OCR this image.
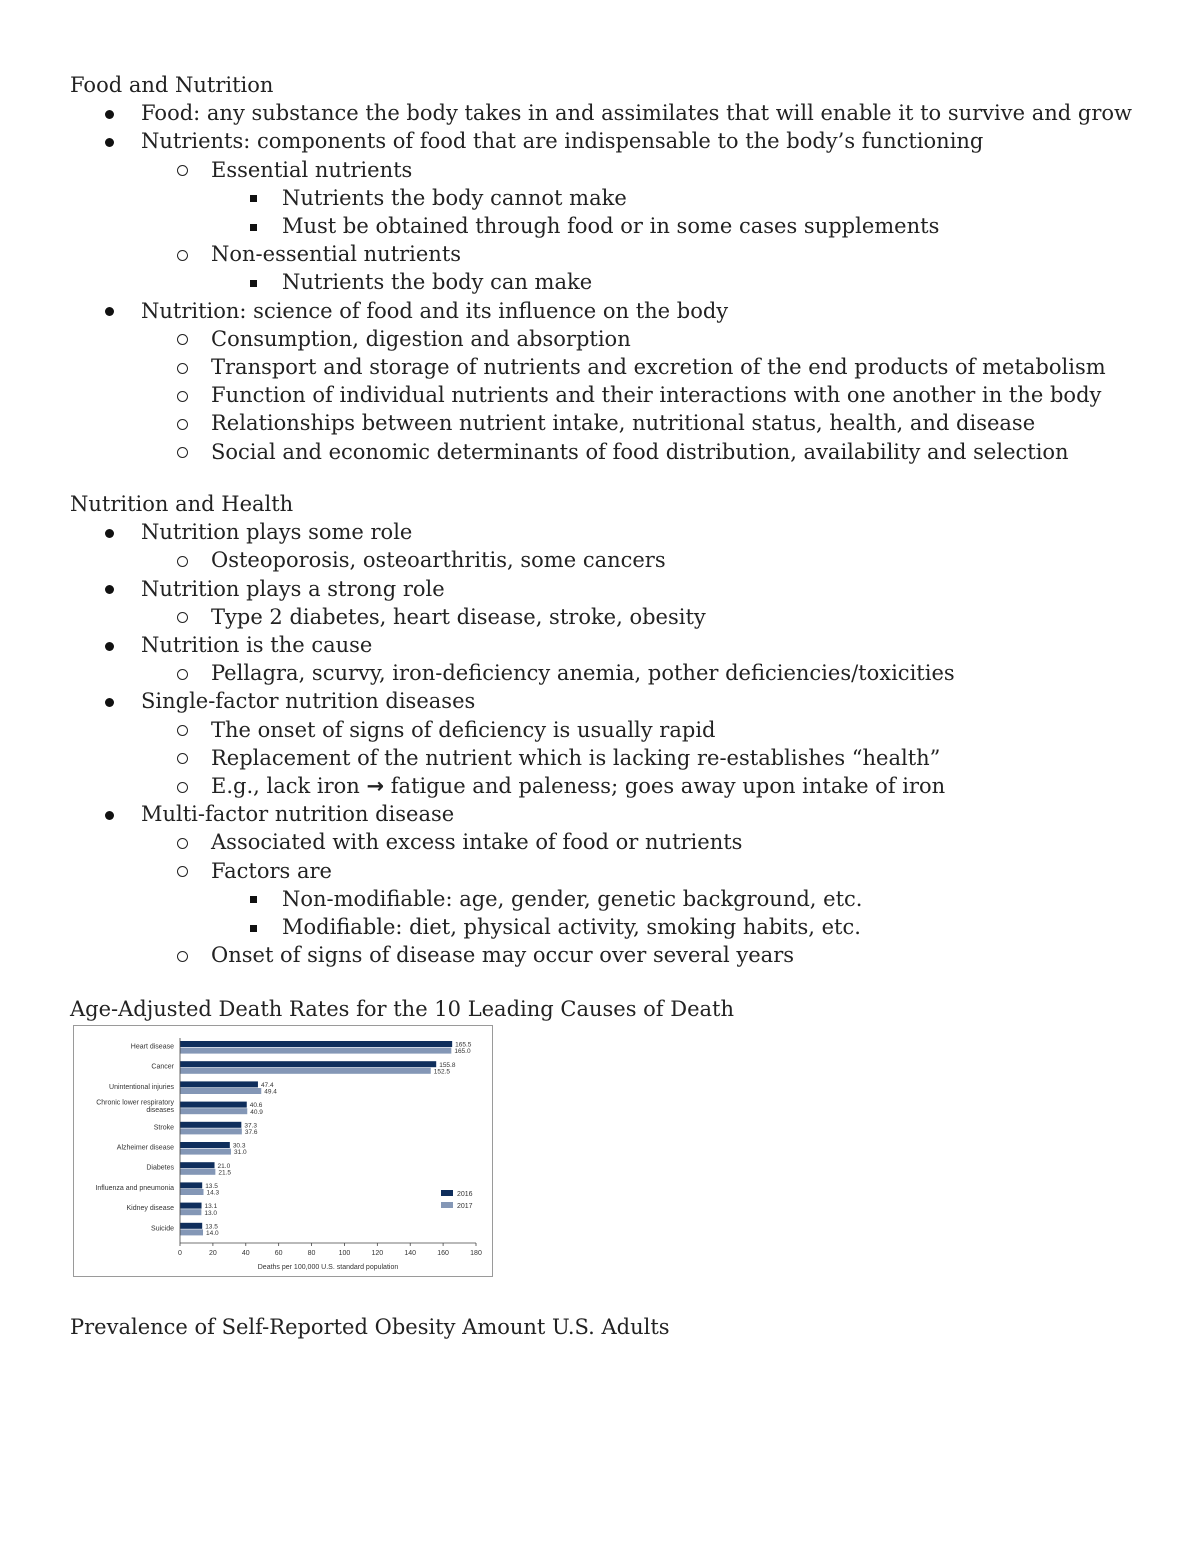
Food and Nutrition
Food: any substance the body takes in and assimilates that will enable it to survive and grow
Nutrients: components of food that are indispensable to the body’s functioning
Essential nutrients
Nutrients the body cannot make
Must be obtained through food or in some cases supplements
Non-essential nutrients
Nutrients the body can make
Nutrition: science of food and its influence on the body
Consumption, digestion and absorption
Transport and storage of nutrients and excretion of the end products of metabolism
Function of individual nutrients and their interactions with one another in the body
Relationships between nutrient intake, nutritional status, health, and disease
Social and economic determinants of food distribution, availability and selection
Nutrition and Health
Nutrition plays some role
Osteoporosis, osteoarthritis, some cancers
Nutrition plays a strong role
Type 2 diabetes, heart disease, stroke, obesity
Nutrition is the cause
Pellagra, scurvy, iron-deficiency anemia, pother deficiencies/toxicities
Single-factor nutrition diseases
The onset of signs of deficiency is usually rapid
Replacement of the nutrient which is lacking re-establishes “health”
E.g., lack iron → fatigue and paleness; goes away upon intake of iron
Multi-factor nutrition disease
Associated with excess intake of food or nutrients
Factors are
Non-modifiable: age, gender, genetic background, etc.
Modifiable: diet, physical activity, smoking habits, etc.
Onset of signs of disease may occur over several years
Age-Adjusted Death Rates for the 10 Leading Causes of Death
Heart disease	165.5
165.0
Cancer	155.8
152.5
Unintentional injuries	47.4
49.4
Chronic lower respiratory
diseases
40.6
40.9
Stroke	37.3
37.6
Alzheimer disease	30.3
31.0
Diabetes	21.0
21.5
Influenza and pneumonia	13.5
14.3
Kidney disease	13.1
13.0
Suicide	13.5
14.0
0	20	40	60	80	100	120	140	160	180
Deaths per 100,000 U.S. standard population
2016
2017
Prevalence of Self-Reported Obesity Amount U.S. Adults
